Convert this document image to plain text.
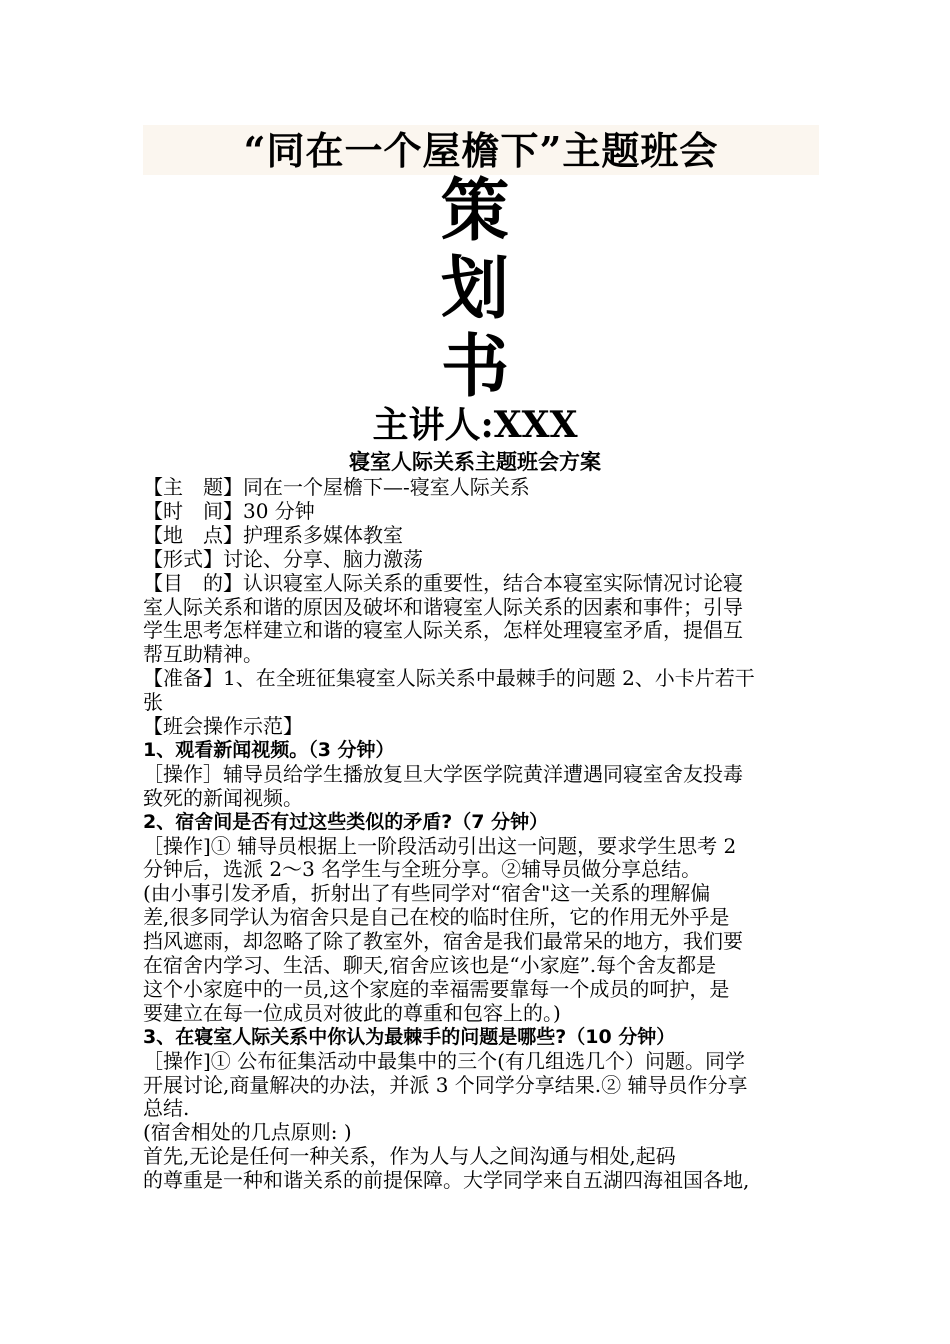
“同在一个屋檐下”主题班会
策
划
书
主讲人:XXX
寝室人际关系主题班会方案
【主　题】同在一个屋檐下—-寝室人际关系
【时　间】30 分钟
【地　点】护理系多媒体教室
【形式】讨论、分享、脑力激荡
【目　的】认识寝室人际关系的重要性，结合本寝室实际情况讨论寝
室人际关系和谐的原因及破坏和谐寝室人际关系的因素和事件；引导
学生思考怎样建立和谐的寝室人际关系，怎样处理寝室矛盾，提倡互
帮互助精神。
【准备】1、在全班征集寝室人际关系中最棘手的问题 2、小卡片若干
张
【班会操作示范】
1、观看新闻视频。（3 分钟）
［操作］辅导员给学生播放复旦大学医学院黄洋遭遇同寝室舍友投毒
致死的新闻视频。
2、宿舍间是否有过这些类似的矛盾?（7 分钟）
［操作]① 辅导员根据上一阶段活动引出这一问题，要求学生思考 2
分钟后，选派 2～3 名学生与全班分享。②辅导员做分享总结。
(由小事引发矛盾，折射出了有些同学对“宿舍"这一关系的理解偏
差,很多同学认为宿舍只是自己在校的临时住所，它的作用无外乎是
挡风遮雨，却忽略了除了教室外，宿舍是我们最常呆的地方，我们要
在宿舍内学习、生活、聊天,宿舍应该也是“小家庭”.每个舍友都是
这个小家庭中的一员,这个家庭的幸福需要靠每一个成员的呵护，是
要建立在每一位成员对彼此的尊重和包容上的。)
3、在寝室人际关系中你认为最棘手的问题是哪些?（10 分钟）
［操作]① 公布征集活动中最集中的三个(有几组选几个）问题。同学
开展讨论,商量解决的办法，并派 3 个同学分享结果.② 辅导员作分享
总结.
(宿舍相处的几点原则: )
首先,无论是任何一种关系，作为人与人之间沟通与相处,起码
的尊重是一种和谐关系的前提保障。大学同学来自五湖四海祖国各地,
